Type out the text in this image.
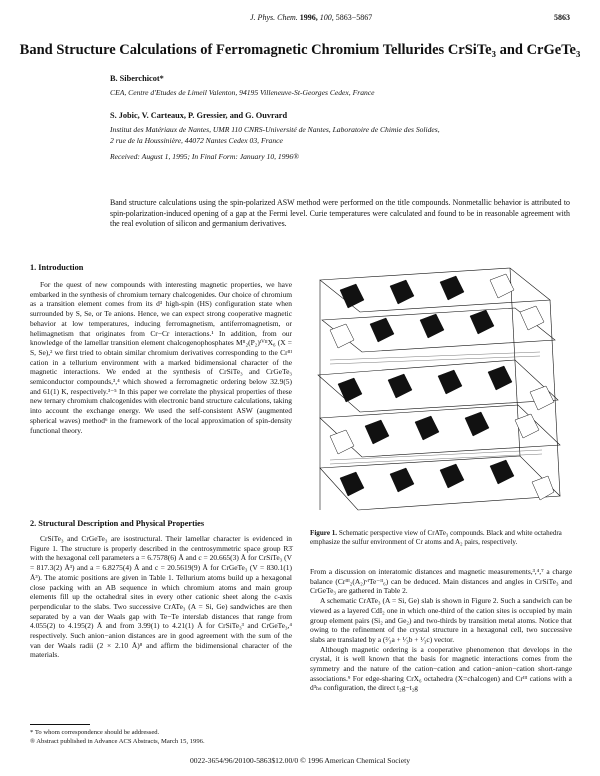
J. Phys. Chem. 1996, 100, 5863−5867	5863
Band Structure Calculations of Ferromagnetic Chromium Tellurides CrSiTe₃ and CrGeTe₃
B. Siberchicot*
CEA, Centre d'Etudes de Limeil Valenton, 94195 Villeneuve-St-Georges Cedex, France
S. Jobic, V. Carteaux, P. Gressier, and G. Ouvrard
Institut des Matériaux de Nantes, UMR 110 CNRS-Université de Nantes, Laboratoire de Chimie des Solides,
2 rue de la Houssinière, 44072 Nantes Cedex 03, France
Received: August 1, 1995; In Final Form: January 10, 1996®
Band structure calculations using the spin-polarized ASW method were performed on the title compounds. Nonmetallic behavior is attributed to spin-polarization-induced opening of a gap at the Fermi level. Curie temperatures were calculated and found to be in reasonable agreement with the real evolution of silicon and germanium derivatives.
1. Introduction

For the quest of new compounds with interesting magnetic properties, we have embarked in the synthesis of chromium ternary chalcogenides. Our choice of chromium as a transition element comes from its d³ high-spin (HS) configuration state when surrounded by S, Se, or Te anions. Hence, we can expect strong cooperative magnetic behavior at low temperatures, inducing ferromagnetism, antiferromagnetism, or helimagnetism that originates from Cr−Cr interactions.¹ In addition, from our knowledge of the lamellar transition element chalcogenophosphates Mᴵᴵ₂(P₂)ᴵⱽᴵᴵX₆ (X = S, Se),² we first tried to obtain similar chromium derivatives corresponding to the Crᴵᴵᴵ cation in a tellurium environment with a marked bidimensional character of the magnetic interactions. We ended at the synthesis of CrSiTe₃ and CrGeTe₃ semiconductor compounds,³,⁴ which showed a ferromagnetic ordering below 32.9(5) and 61(1) K, respectively.³⁻⁵ In this paper we correlate the physical properties of these new ternary chromium chalcogenides with electronic band structure calculations, taking into account the exchange energy. We used the self-consistent ASW (augmented spherical waves) method⁶ in the framework of the local approximation of spin-density functional theory.

2. Structural Description and Physical Properties

CrSiTe₃ and CrGeTe₃ are isostructural. Their lamellar character is evidenced in Figure 1. The structure is properly described in the centrosymmetric space group R3̄ with the hexagonal cell parameters a = 6.7578(6) Å and c = 20.665(3) Å for CrSiTe₃ (V = 817.3(2) Å³) and a = 6.8275(4) Å and c = 20.5619(9) Å for CrGeTe₃ (V = 830.1(1) Å³). The atomic positions are given in Table 1. Tellurium atoms build up a hexagonal close packing with an AB sequence in which chromium atoms and main group elements fill up the octahedral sites in every other cationic sheet along the c-axis perpendicular to the slabs. Two successive CrATe₃ (A = Si, Ge) sandwiches are then separated by a van der Waals gap with Te−Te interslab distances that range from 4.055(2) to 4.195(2) Å and from 3.99(1) to 4.21(1) Å for CrSiTe₃³ and CrGeTe₃,⁴ respectively. Such anion−anion distances are in good agreement with the sum of the van der Waals radii (2 × 2.10 Å)⁸ and affirm the bidimensional character of the materials.

* To whom correspondence should be addressed.
® Abstract published in Advance ACS Abstracts, March 15, 1996.
Figure 1. Schematic perspective view of CrATe₃ compounds. Black and white octahedra emphasize the sulfur environment of Cr atoms and A₂ pairs, respectively.

From a discussion on interatomic distances and magnetic measurements,³,⁴,⁷ a charge balance (Crᴵᴵᴵ₂(A₂)ᵛᴵTe⁻ᴵᴵ₆) can be deduced. Main distances and angles in CrSiTe₃ and CrGeTe₃ are gathered in Table 2.

A schematic CrATe₃ (A = Si, Ge) slab is shown in Figure 2. Such a sandwich can be viewed as a layered CdI₂ one in which one-third of the cation sites is occupied by main group element pairs (Si₂ and Ge₂) and two-thirds by transition metal atoms. Notice that owing to the refinement of the crystal structure in a hexagonal cell, two successive slabs are translated by a (²⁄₃a + ¹⁄₃b + ¹⁄₃c) vector.

Although magnetic ordering is a cooperative phenomenon that develops in the crystal, it is well known that the basis for magnetic interactions comes from the symmetry and the nature of the cation−cation and cation−anion−cation short-range associations.⁹ For edge-sharing CrX₆ octahedra (X=chalcogen) and Crᴵᴵᴵ cations with a d³ₕₛ configuration, the direct t₂g−t₂g

0022-3654/96/20100-5863$12.00/0 © 1996 American Chemical Society
